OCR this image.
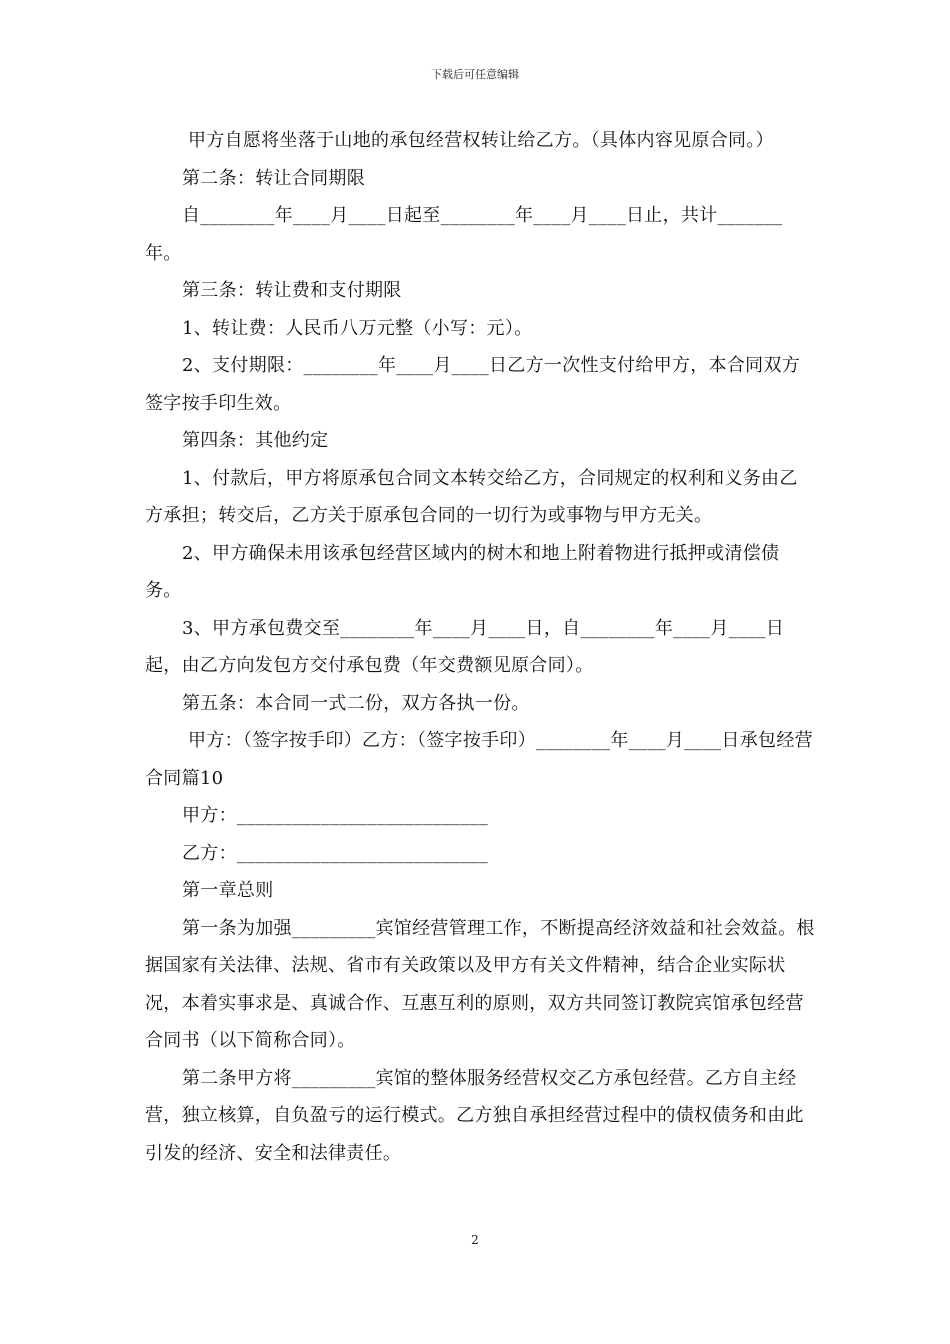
下载后可任意编辑

甲方自愿将坐落于山地的承包经营权转让给乙方。（具体内容见原合同。）

第二条：转让合同期限

自________年____月____日起至________年____月____日止，共计_______年。

第三条：转让费和支付期限

1、转让费：人民币八万元整（小写：元）。

2、支付期限：________年____月____日乙方一次性支付给甲方，本合同双方签字按手印生效。

第四条：其他约定

1、付款后，甲方将原承包合同文本转交给乙方，合同规定的权利和义务由乙方承担；转交后，乙方关于原承包合同的一切行为或事物与甲方无关。

2、甲方确保未用该承包经营区域内的树木和地上附着物进行抵押或清偿债务。

3、甲方承包费交至________年____月____日，自________年____月____日起，由乙方向发包方交付承包费（年交费额见原合同）。

第五条：本合同一式二份，双方各执一份。

甲方：（签字按手印）乙方：（签字按手印）________年____月____日承包经营合同篇10

甲方：___________________________

乙方：___________________________

第一章总则

第一条为加强_________宾馆经营管理工作，不断提高经济效益和社会效益。根据国家有关法律、法规、省市有关政策以及甲方有关文件精神，结合企业实际状况，本着实事求是、真诚合作、互惠互利的原则，双方共同签订教院宾馆承包经营合同书（以下简称合同）。

第二条甲方将_________宾馆的整体服务经营权交乙方承包经营。乙方自主经营，独立核算，自负盈亏的运行模式。乙方独自承担经营过程中的债权债务和由此引发的经济、安全和法律责任。

2
